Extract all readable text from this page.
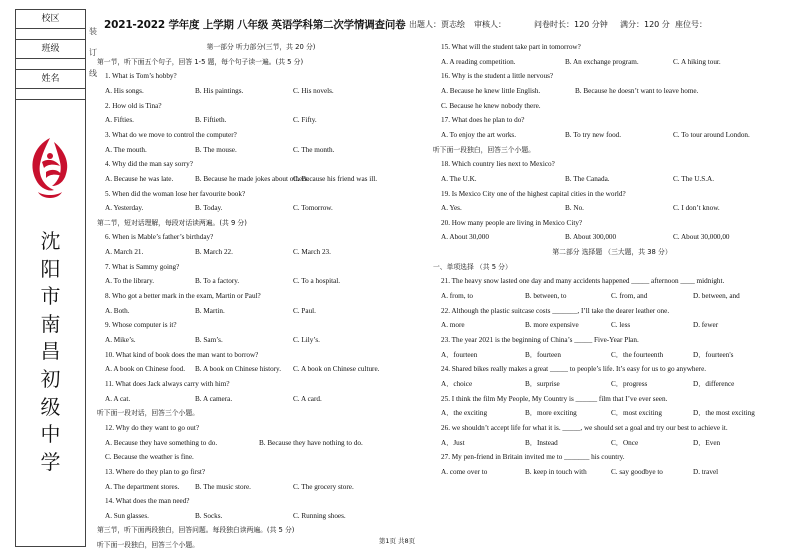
校区
班级
姓名
沈
阳
市
南
昌
初
级
中
学
装
订
线
2021-2022 学年度 上学期 八年级 英语学科第二次学情调查问卷 出题人：贾志绘 审核人：	问卷时长：120 分钟 满分：120 分 座位号：
第一部分 听力部分(三节，共 20 分)
第一节，听下面五个句子，回答 1-5 题，每个句子读一遍。(共 5 分)
1. What is Tom’s hobby?
A. His songs.	B. His paintings.	C. His novels.
2. How old is Tina?
A. Fifties.	B. Fiftieth.	C. Fifty.
3. What do we move to control the computer?
A. The mouth.	B. The mouse.	C. The month.
4. Why did the man say sorry?
A. Because he was late.	B. Because he made jokes about others.
C. Because his friend was ill.
5. When did the woman lose her favourite book?
A. Yesterday.	B. Today.	C. Tomorrow.
第二节，短对话理解，每段对话读两遍。(共 9 分)
6. When is Mable’s father’s birthday?
A. March 21.	B. March 22.	C. March 23.
7. What is Sammy going?
A. To the library.	B. To a factory.	C. To a hospital.
8. Who got a better mark in the exam, Martin or Paul?
A. Both.	B. Martin.	C. Paul.
9. Whose computer is it?
A. Mike’s.	B. Sam’s.	C. Lily’s.
10. What kind of book does the man want to borrow?
A. A book on Chinese food. B. A book on Chinese history. C. A book on Chinese culture.
11. What does Jack always carry with him?
A. A cat.	B. A camera.	C. A card.
听下面一段对话，回答三个小题。
12. Why do they want to go out?
A. Because they have something to do.	B. Because they have nothing to do.
C. Because the weather is fine.
13. Where do they plan to go first?
A. The department stores. B. The music store.	C. The grocery store.
14. What does the man need?
A. Sun glasses.	B. Socks.	C. Running shoes.
第三节，听下面两段独白，回答问题。每段独白读两遍。(共 5 分)
听下面一段独白，回答三个小题。
15. What will the student take part in tomorrow?
A. A reading competition.	B. An exchange program.	C. A hiking tour.
16. Why is the student a little nervous?
A. Because he knew little English.	B. Because he doesn’t want to leave home.
C. Because he knew nobody there.
17. What does he plan to do?
A. To enjoy the art works.	B. To try new food.	C. To tour around London.
听下面一段独白，回答三个小题。
18. Which country lies next to Mexico?
A. The U.K.	B. The Canada.	C. The U.S.A.
19. Is Mexico City one of the highest capital cities in the world?
A. Yes.	B. No.	C. I don’t know.
20. How many people are living in Mexico City?
A. About 30,000	B. About 300,000	C. About 30,000,00
第二部分 选择题 （三大题，共 38 分）
一、单项选择 （共 5 分）
21. The heavy snow lasted one day and many accidents happened _____ afternoon ____ midnight.
A. from, to	B. between, to	C. from, and	D. between, and
22. Although the plastic suitcase costs _______, I’ll take the dearer leather one.
A. more	B. more expensive	C. less	D. fewer
23. The year 2021 is the beginning of China’s _____ Five-Year Plan.
A．fourteen	B．fourteen	C．the fourteenth	D．fourteen's
24. Shared bikes really makes a great _____ to people’s life. It’s easy for us to go anywhere.
A．choice	B．surprise	C．progress	D．difference
25. I think the film My People, My Country is ______ film that I’ve ever seen.
A．the exciting	B．more exciting	C．most exciting	D．the most exciting
26. we shouldn’t accept life for what it is. _____, we should set a goal and try our best to achieve it.
A．Just	B．Instead	C．Once	D．Even
27. My pen-friend in Britain invited me to _______ his country.
A. come over to	B. keep in touch with	C. say goodbye to	D. travel
第1页 共8页
